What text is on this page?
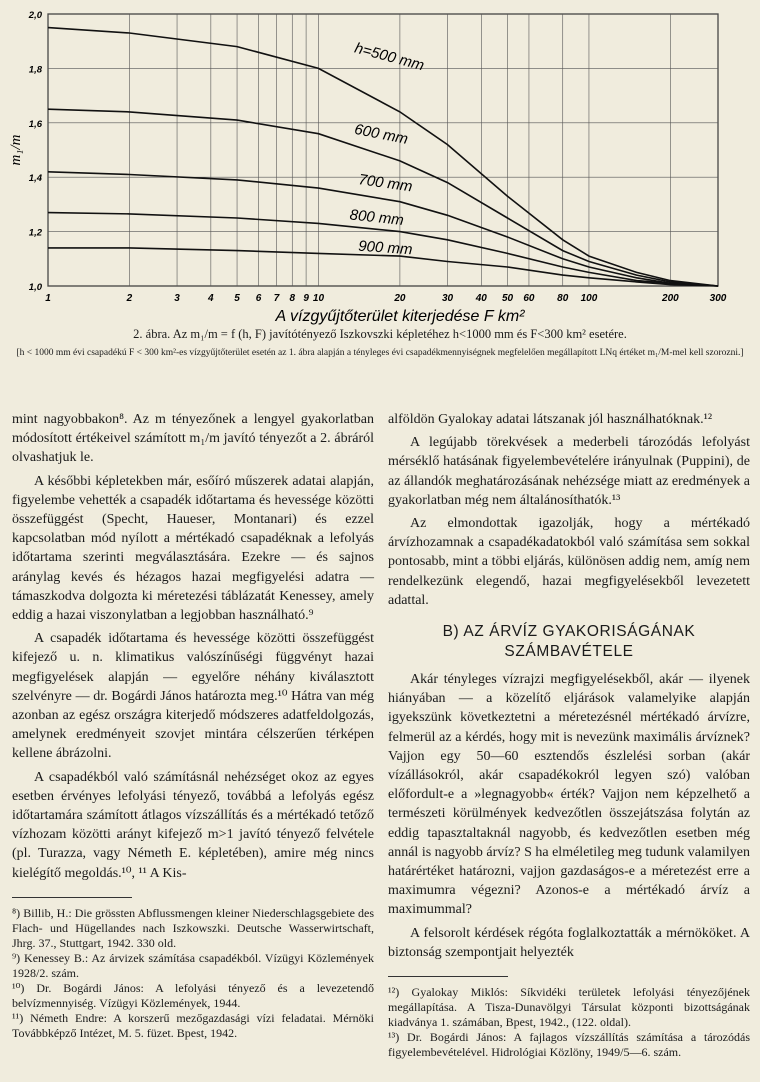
1	2	3	4 5 6 7 8 9 10	20	30 40 50 60 80 100	200	300
1,0
1,2
1,4
1,6
1,8
2,0
h=500 mm
600 mm
700 mm
800 mm
900 mm
m₁/m
A vízgyűjtőterület kiterjedése F km²
2. ábra. Az m₁/m = f (h, F) javítótényező Iszkovszki képletéhez h<1000 mm és F<300 km² esetére.
[h < 1000 mm évi csapadékú F < 300 km²-es vízgyűjtőterület esetén az 1. ábra alapján a tényleges évi csapadékmennyiségnek megfelelően megállapított LNq értéket m₁/M-mel kell szorozni.]

mint nagyobbakon⁸. Az m tényezőnek a lengyel gyakorlatban módosított értékeivel számított m₁/m javító tényezőt a 2. ábráról olvashatjuk le.

A későbbi képletekben már, esőíró műszerek adatai alapján, figyelembe vehették a csapadék időtartama és hevessége közötti összefüggést (Specht, Haueser, Montanari) és ezzel kapcsolatban mód nyílott a mértékadó csapadéknak a lefolyás időtartama szerinti megválasztására. Ezekre — és sajnos aránylag kevés és hézagos hazai megfigyelési adatra — támaszkodva dolgozta ki méretezési táblázatát Kenessey, amely eddig a hazai viszonylatban a legjobban használható.⁹

A csapadék időtartama és hevessége közötti összefüggést kifejező u. n. klimatikus valószínűségi függvényt hazai megfigyelések alapján — egyelőre néhány kiválasztott szelvényre — dr. Bogárdi János határozta meg.¹⁰ Hátra van még azonban az egész országra kiterjedő módszeres adatfeldolgozás, amelynek eredményeit szovjet mintára célszerűen térképen kellene ábrázolni.

A csapadékból való számításnál nehézséget okoz az egyes esetben érvényes lefolyási tényező, továbbá a lefolyás egész időtartamára számított átlagos vízszállítás és a mértékadó tetőző vízhozam közötti arányt kifejező m>1 javító tényező felvétele (pl. Turazza, vagy Németh E. képletében), amire még nincs kielégítő megoldás.¹⁰, ¹¹ A Kis-

⁸) Billib, H.: Die grössten Abflussmengen kleiner Niederschlagsgebiete des Flach- und Hügellandes nach Iszkowszki. Deutsche Wasserwirtschaft, Jhrg. 37., Stuttgart, 1942. 330 old.

⁹) Kenessey B.: Az árvizek számítása csapadékból. Vízügyi Közlemények 1928/2. szám.

¹⁰) Dr. Bogárdi János: A lefolyási tényező és a levezetendő belvízmennyiség. Vízügyi Közlemények, 1944.

¹¹) Németh Endre: A korszerű mezőgazdasági vízi feladatai. Mérnöki Továbbképző Intézet, M. 5. füzet. Bpest, 1942.

alföldön Gyalokay adatai látszanak jól használhatóknak.¹²

A legújabb törekvések a mederbeli tározódás lefolyást mérséklő hatásának figyelembevételére irányulnak (Puppini), de az állandók meghatározásának nehézsége miatt az eredmények a gyakorlatban még nem általánosíthatók.¹³

Az elmondottak igazolják, hogy a mértékadó árvízhozamnak a csapadékadatokból való számítása sem sokkal pontosabb, mint a többi eljárás, különösen addig nem, amíg nem rendelkezünk elegendő, hazai megfigyelésekből levezetett adattal.

B) AZ ÁRVÍZ GYAKORISÁGÁNAK SZÁMBAVÉTELE

Akár tényleges vízrajzi megfigyelésekből, akár — ilyenek hiányában — a közelítő eljárások valamelyike alapján igyekszünk következtetni a méretezésnél mértékadó árvízre, felmerül az a kérdés, hogy mit is nevezünk maximális árvíznek? Vajjon egy 50—60 esztendős észlelési sorban (akár vízállásokról, akár csapadékokról legyen szó) valóban előfordult-e a »legnagyobb« érték? Vajjon nem képzelhető a természeti körülmények kedvezőtlen összejátszása folytán az eddig tapasztaltaknál nagyobb, és kedvezőtlen esetben még annál is nagyobb árvíz? S ha elméletileg meg tudunk valamilyen határértéket határozni, vajjon gazdaságos-e a méretezést erre a maximumra végezni? Azonos-e a mértékadó árvíz a maximummal?

A felsorolt kérdések régóta foglalkoztatták a mérnököket. A biztonság szempontjait helyezték

¹²) Gyalokay Miklós: Síkvidéki területek lefolyási tényezőjének megállapítása. A Tisza-Dunavölgyi Társulat központi bizottságának kiadványa 1. számában, Bpest, 1942., (122. oldal).

¹³) Dr. Bogárdi János: A fajlagos vízszállítás számítása a tározódás figyelembevételével. Hidrológiai Közlöny, 1949/5—6. szám.
